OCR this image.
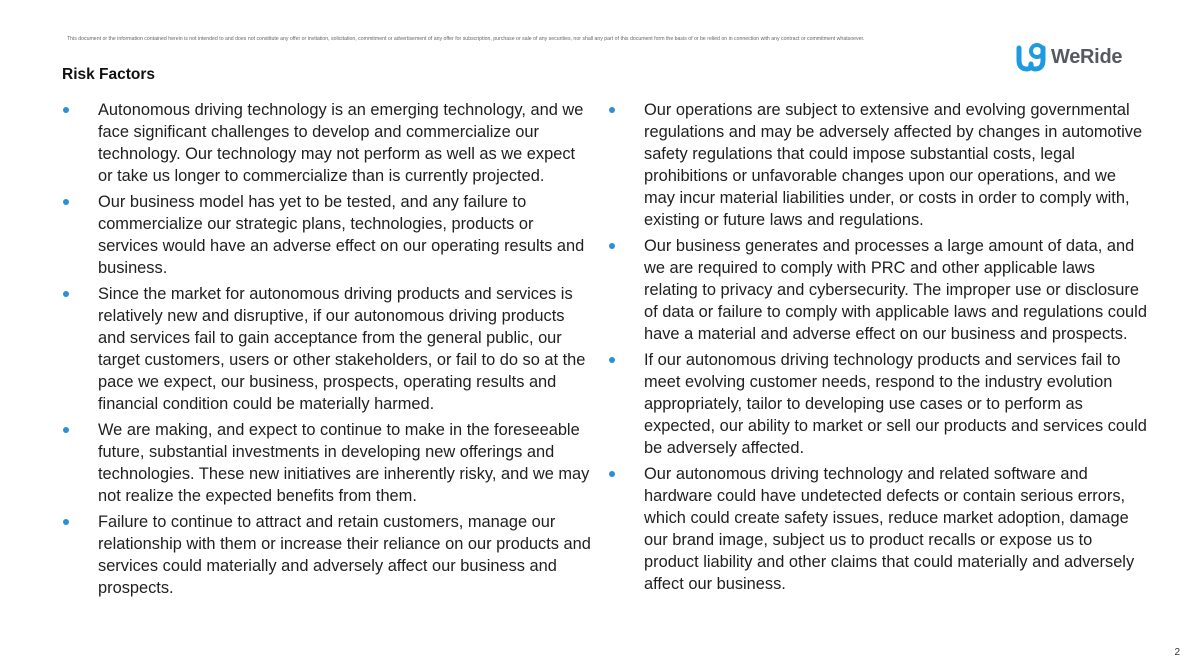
This document or the information contained herein is not intended to and does not constitute any offer or invitation, solicitation, commitment or advertisement of any offer for subscription, purchase or sale of any securities, nor shall any part of this document form the basis of or be relied on in connection with any contract or commitment whatsoever.
WeRide
Risk Factors
Autonomous driving technology is an emerging technology, and we face significant challenges to develop and commercialize our technology. Our technology may not perform as well as we expect or take us longer to commercialize than is currently projected.
Our business model has yet to be tested, and any failure to commercialize our strategic plans, technologies, products or services would have an adverse effect on our operating results and business.
Since the market for autonomous driving products and services is relatively new and disruptive, if our autonomous driving products and services fail to gain acceptance from the general public, our target customers, users or other stakeholders, or fail to do so at the pace we expect, our business, prospects, operating results and financial condition could be materially harmed.
We are making, and expect to continue to make in the foreseeable future, substantial investments in developing new offerings and technologies. These new initiatives are inherently risky, and we may not realize the expected benefits from them.
Failure to continue to attract and retain customers, manage our relationship with them or increase their reliance on our products and services could materially and adversely affect our business and prospects.
Our operations are subject to extensive and evolving governmental regulations and may be adversely affected by changes in automotive safety regulations that could impose substantial costs, legal prohibitions or unfavorable changes upon our operations, and we may incur material liabilities under, or costs in order to comply with, existing or future laws and regulations.
Our business generates and processes a large amount of data, and we are required to comply with PRC and other applicable laws relating to privacy and cybersecurity. The improper use or disclosure of data or failure to comply with applicable laws and regulations could have a material and adverse effect on our business and prospects.
If our autonomous driving technology products and services fail to meet evolving customer needs, respond to the industry evolution appropriately, tailor to developing use cases or to perform as expected, our ability to market or sell our products and services could be adversely affected.
Our autonomous driving technology and related software and hardware could have undetected defects or contain serious errors, which could create safety issues, reduce market adoption, damage our brand image, subject us to product recalls or expose us to product liability and other claims that could materially and adversely affect our business.
2
